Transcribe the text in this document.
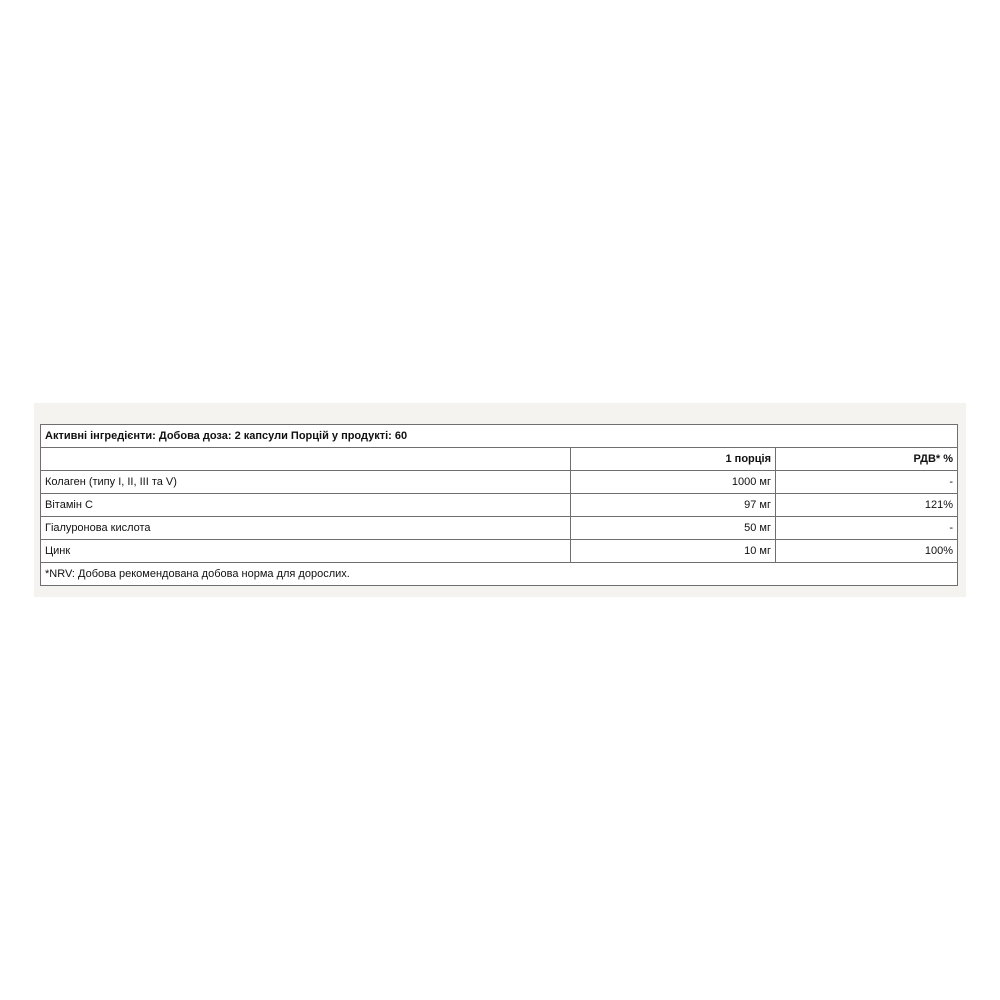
Активні інгредієнти: Добова доза: 2 капсули Порцій у продукті: 60		
	1 порція	РДВ* %
Колаген (типу I, II, III та V)	1000 мг	-
Вітамін С	97 мг	121%
Гіалуронова кислота	50 мг	-
Цинк	10 мг	100%
*NRV: Добова рекомендована добова норма для дорослих.		
